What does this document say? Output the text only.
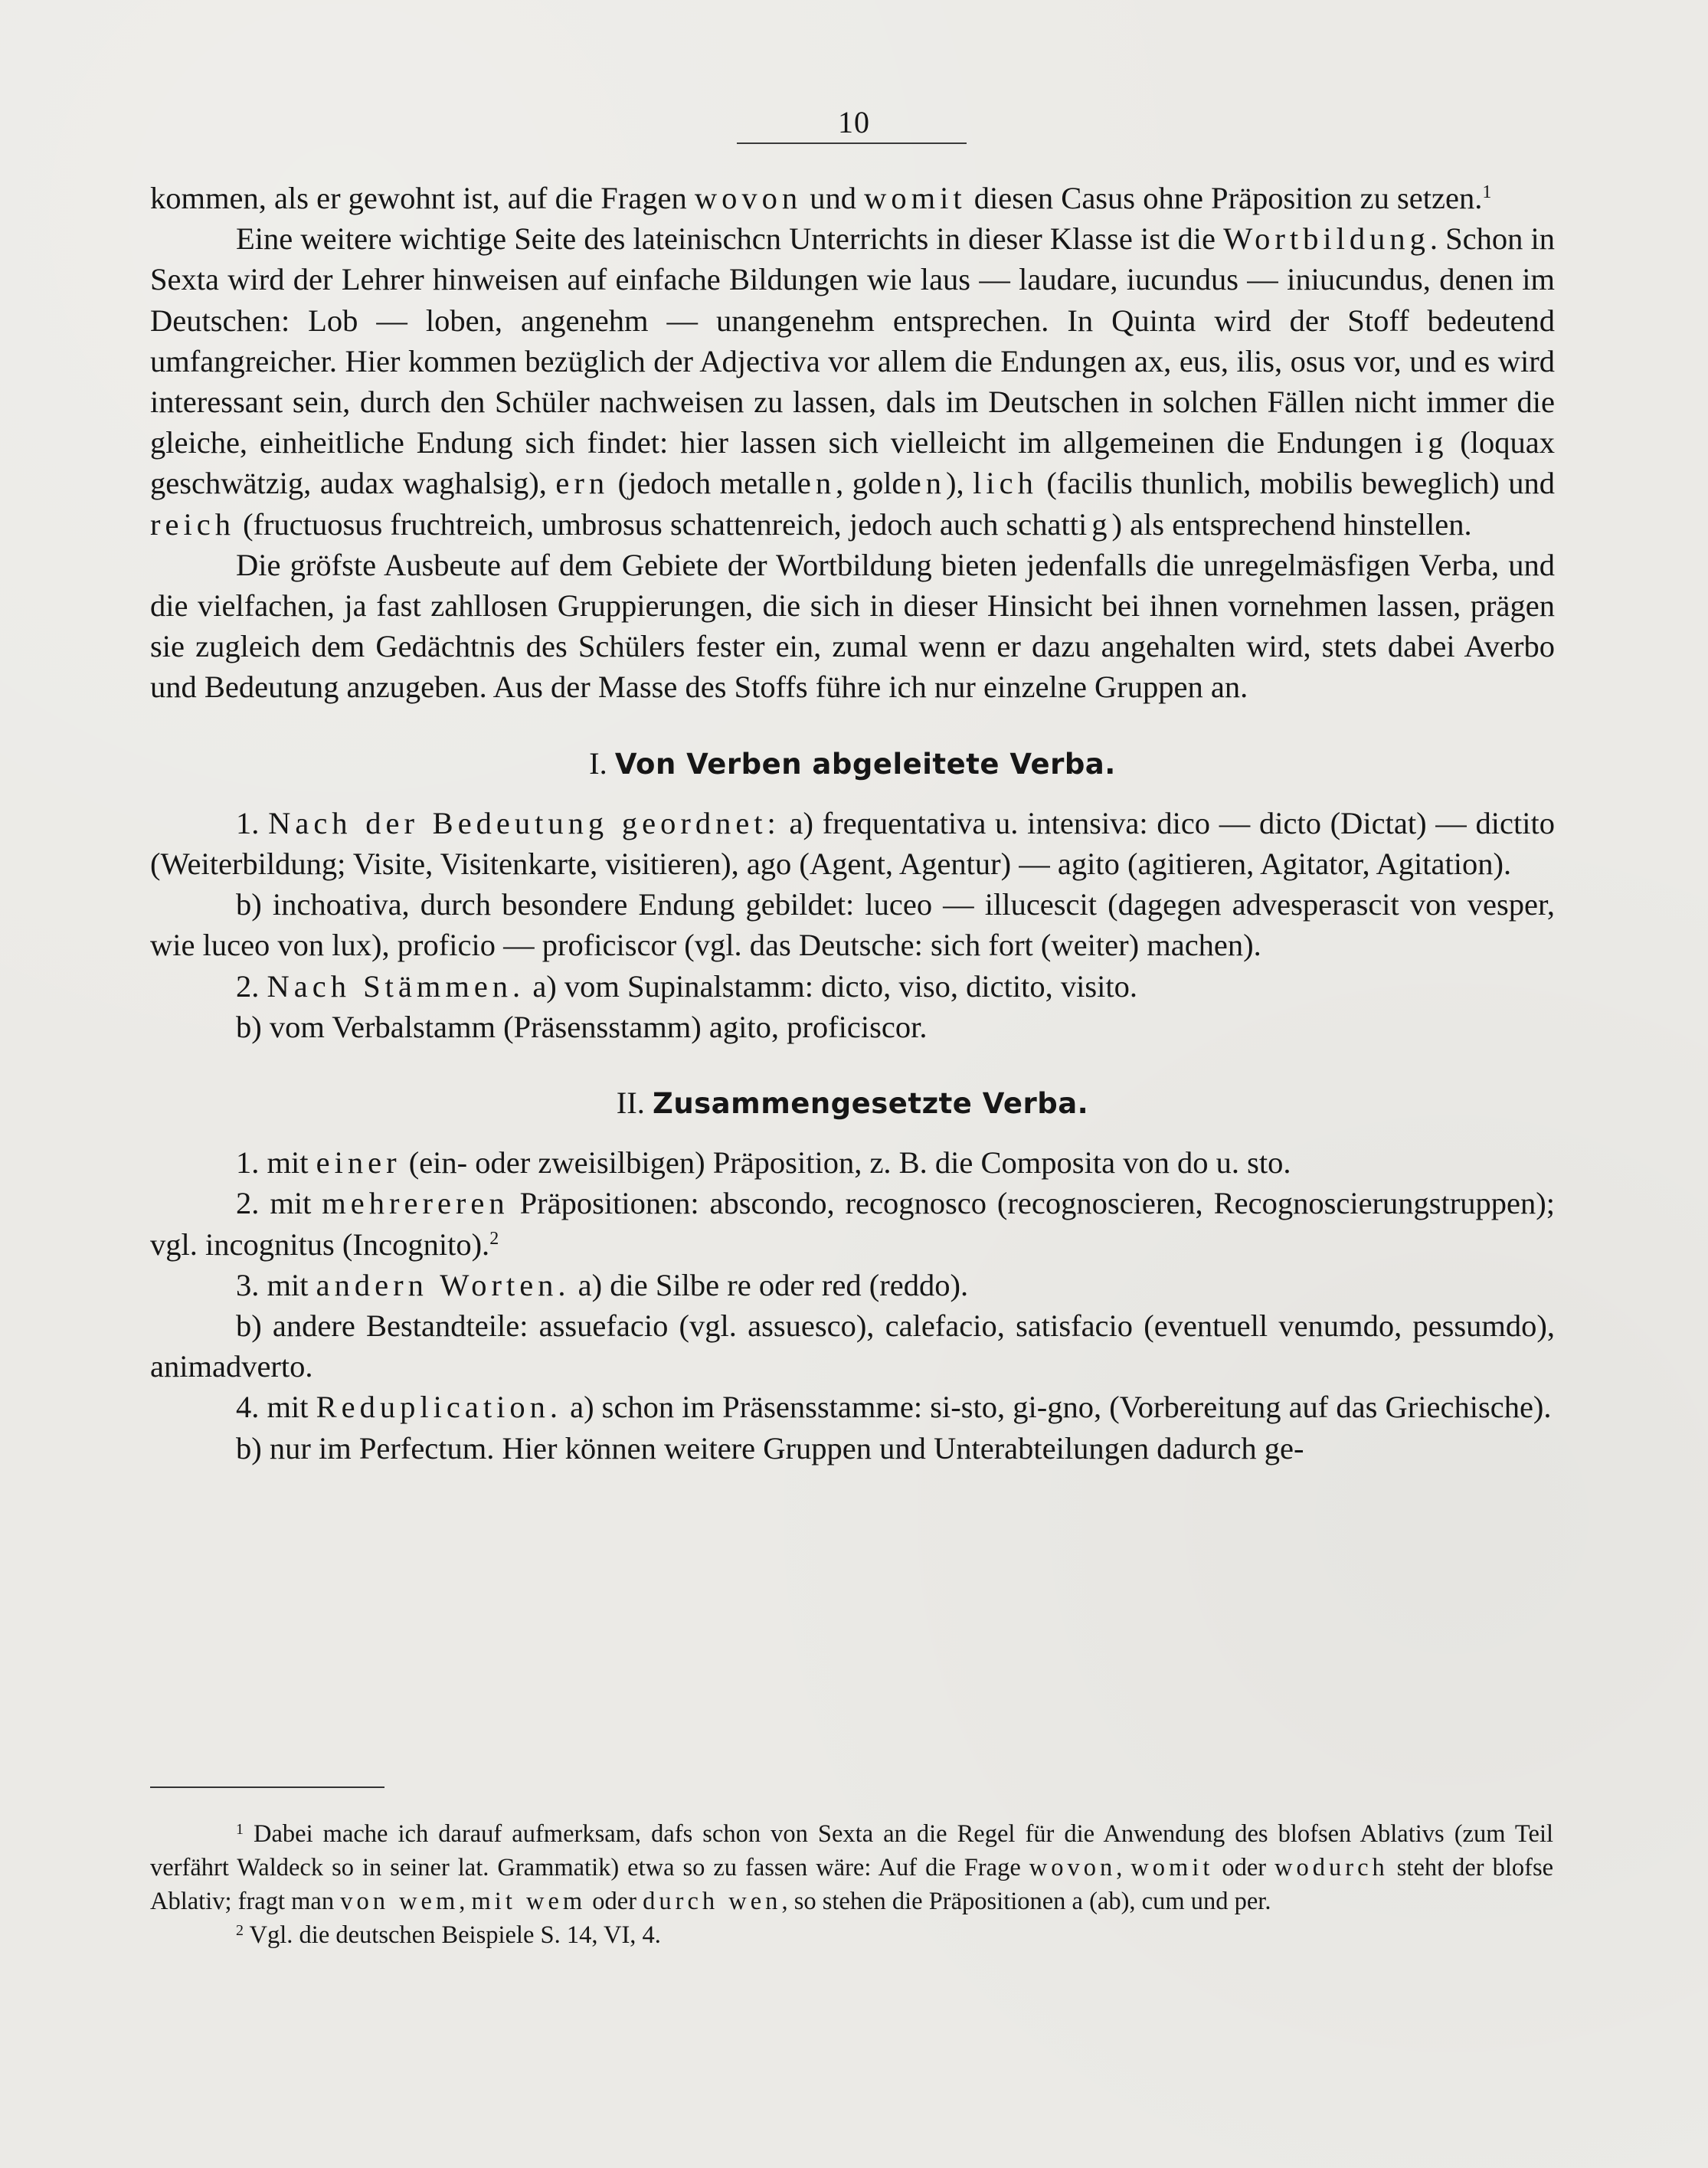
10

kommen, als er gewohnt ist, auf die Fragen wovon und womit diesen Casus ohne Präposition zu setzen.$^1$

Eine weitere wichtige Seite des lateinischcn Unterrichts in dieser Klasse ist die Wortbildung. Schon in Sexta wird der Lehrer hinweisen auf einfache Bildungen wie laus — laudare, iucundus — iniucundus, denen im Deutschen: Lob — loben, angenehm — unangenehm entsprechen. In Quinta wird der Stoff bedeutend umfangreicher. Hier kommen bezüglich der Adjectiva vor allem die Endungen ax, eus, ilis, osus vor, und es wird interessant sein, durch den Schüler nachweisen zu lassen, dals im Deutschen in solchen Fällen nicht immer die gleiche, einheitliche Endung sich findet: hier lassen sich vielleicht im allgemeinen die Endungen ig (loquax geschwätzig, audax waghalsig), ern (jedoch metallen, golden), lich (facilis thunlich, mobilis beweglich) und reich (fructuosus fruchtreich, umbrosus schattenreich, jedoch auch schattig) als entsprechend hinstellen.

Die gröfste Ausbeute auf dem Gebiete der Wortbildung bieten jedenfalls die unregelmäsfigen Verba, und die vielfachen, ja fast zahllosen Gruppierungen, die sich in dieser Hinsicht bei ihnen vornehmen lassen, prägen sie zugleich dem Gedächtnis des Schülers fester ein, zumal wenn er dazu angehalten wird, stets dabei Averbo und Bedeutung anzugeben. Aus der Masse des Stoffs führe ich nur einzelne Gruppen an.

I. Von Verben abgeleitete Verba.

1. Nach der Bedeutung geordnet: a) frequentativa u. intensiva: dico — dicto (Dictat) — dictito (Weiterbildung; Visite, Visitenkarte, visitieren), ago (Agent, Agentur) — agito (agitieren, Agitator, Agitation).

b) inchoativa, durch besondere Endung gebildet: luceo — illucescit (dagegen advesperascit von vesper, wie luceo von lux), proficio — proficiscor (vgl. das Deutsche: sich fort (weiter) machen).

2. Nach Stämmen. a) vom Supinalstamm: dicto, viso, dictito, visito.

b) vom Verbalstamm (Präsensstamm) agito, proficiscor.

II. Zusammengesetzte Verba.

1. mit einer (ein- oder zweisilbigen) Präposition, z. B. die Composita von do u. sto.

2. mit mehrereren Präpositionen: abscondo, recognosco (recognoscieren, Recognoscierungstruppen); vgl. incognitus (Incognito).$^2$

3. mit andern Worten. a) die Silbe re oder red (reddo).

b) andere Bestandteile: assuefacio (vgl. assuesco), calefacio, satisfacio (eventuell venumdo, pessumdo), animadverto.

4. mit Reduplication. a) schon im Präsensstamme: si-sto, gi-gno, (Vorbereitung auf das Griechische).

b) nur im Perfectum. Hier können weitere Gruppen und Unterabteilungen dadurch ge-

$^1$ Dabei mache ich darauf aufmerksam, dafs schon von Sexta an die Regel für die Anwendung des blofsen Ablativs (zum Teil verfährt Waldeck so in seiner lat. Grammatik) etwa so zu fassen wäre: Auf die Frage wovon, womit oder wodurch steht der blofse Ablativ; fragt man von wem, mit wem oder durch wen, so stehen die Präpositionen a (ab), cum und per.

$^2$ Vgl. die deutschen Beispiele S. 14, VI, 4.
